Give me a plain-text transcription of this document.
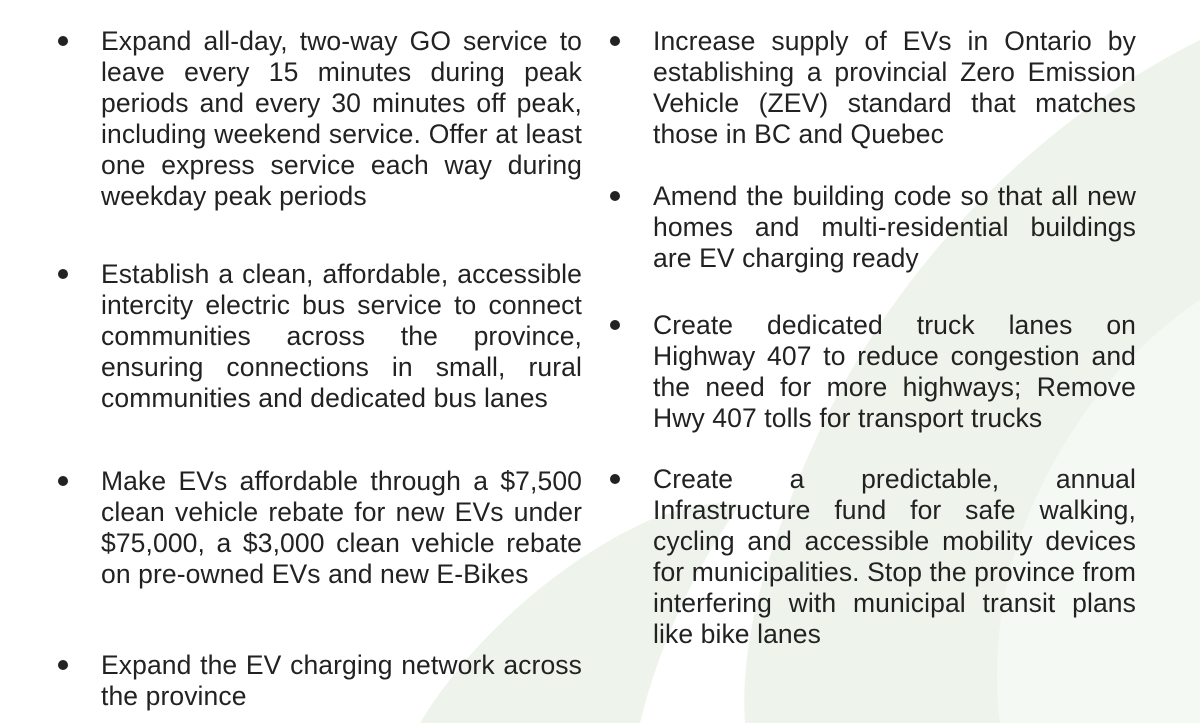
Expand all-day, two-way GO service to leave every 15 minutes during peak periods and every 30 minutes off peak, including weekend service. Offer at least one express service each way during weekday peak periods
Establish a clean, affordable, accessible intercity electric bus service to connect communities across the province, ensuring connections in small, rural communities and dedicated bus lanes
Make EVs affordable through a $7,500 clean vehicle rebate for new EVs under $75,000, a $3,000 clean vehicle rebate on pre-owned EVs and new E-Bikes
Expand the EV charging network across the province
Increase supply of EVs in Ontario by establishing a provincial Zero Emission Vehicle (ZEV) standard that matches those in BC and Quebec
Amend the building code so that all new homes and multi-residential buildings are EV charging ready
Create dedicated truck lanes on Highway 407 to reduce congestion and the need for more highways; Remove Hwy 407 tolls for transport trucks
Create a predictable, annual Infrastructure fund for safe walking, cycling and accessible mobility devices for municipalities. Stop the province from interfering with municipal transit plans like bike lanes
